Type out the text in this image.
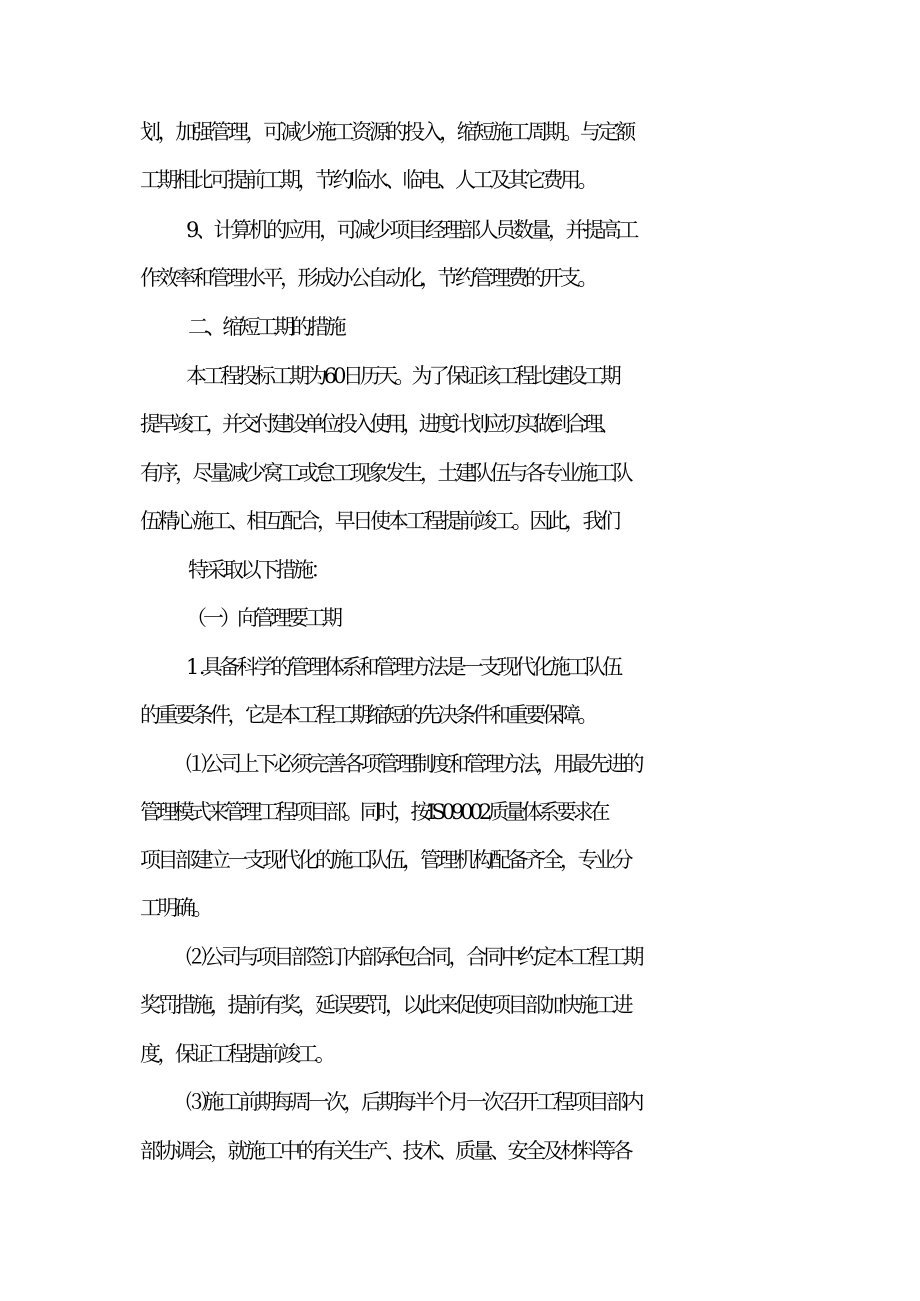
划，加强管理，可减少施工资源的投入，缩短施工周期。与定额
工期相比可提前工期，节约临水、临电、人工及其它费用。
9、计算机的应用，可减少项目经理部人员数量，并提高工
作效率和管理水平，形成办公自动化，节约管理费的开支。
二、缩短工期的措施
本工程投标工期为60日历天。为了保证该工程比建设工期
提早竣工，并交付建设单位投入使用，进度计划应切实做到合理、
有序，尽量减少窝工或怠工现象发生，土建队伍与各专业施工队
伍精心施工、相互配合，早日使本工程提前竣工。因此，我们
特采取以下措施：
（一）向管理要工期
1 .具备科学的管理体系和管理方法是一支现代化施工队伍
的重要条件，它是本工程工期缩短的先决条件和重要保障。
⑴公司上下必须完善各项管理制度和管理方法，用最先进的
管理模式来管理工程项目部。同时，按IS09002质量体系要求在
项目部建立一支现代化的施工队伍，管理机构配备齐全，专业分
工明确。
⑵公司与项目部签订内部承包合同，合同中约定本工程工期
奖罚措施，提前有奖，延误要罚，以此来促使项目部加快施工进
度，保证工程提前竣工。
⑶施工前期每周一次，后期每半个月一次召开工程项目部内
部协调会，就施工中的有关生产、技术、质量、安全及材料等各
